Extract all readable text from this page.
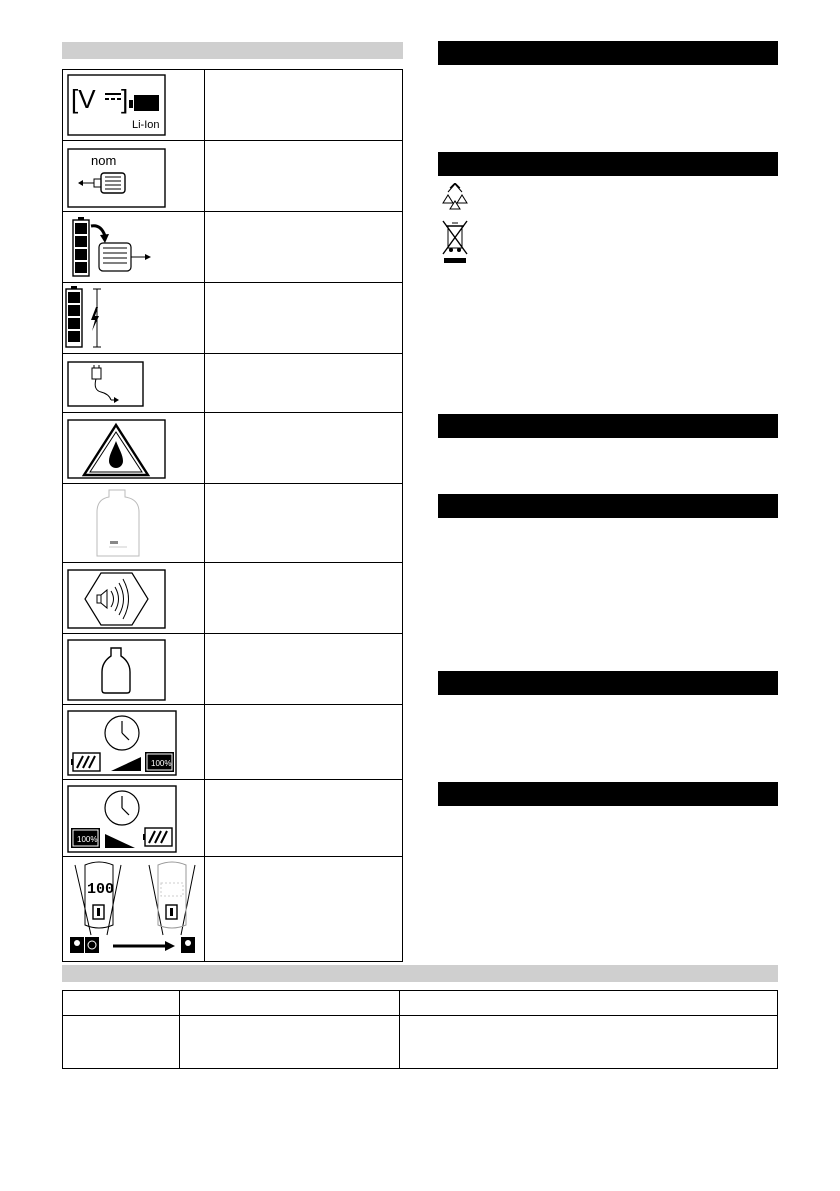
[V ]
Li-Ion	

nom	

100%	

100%	

100	
